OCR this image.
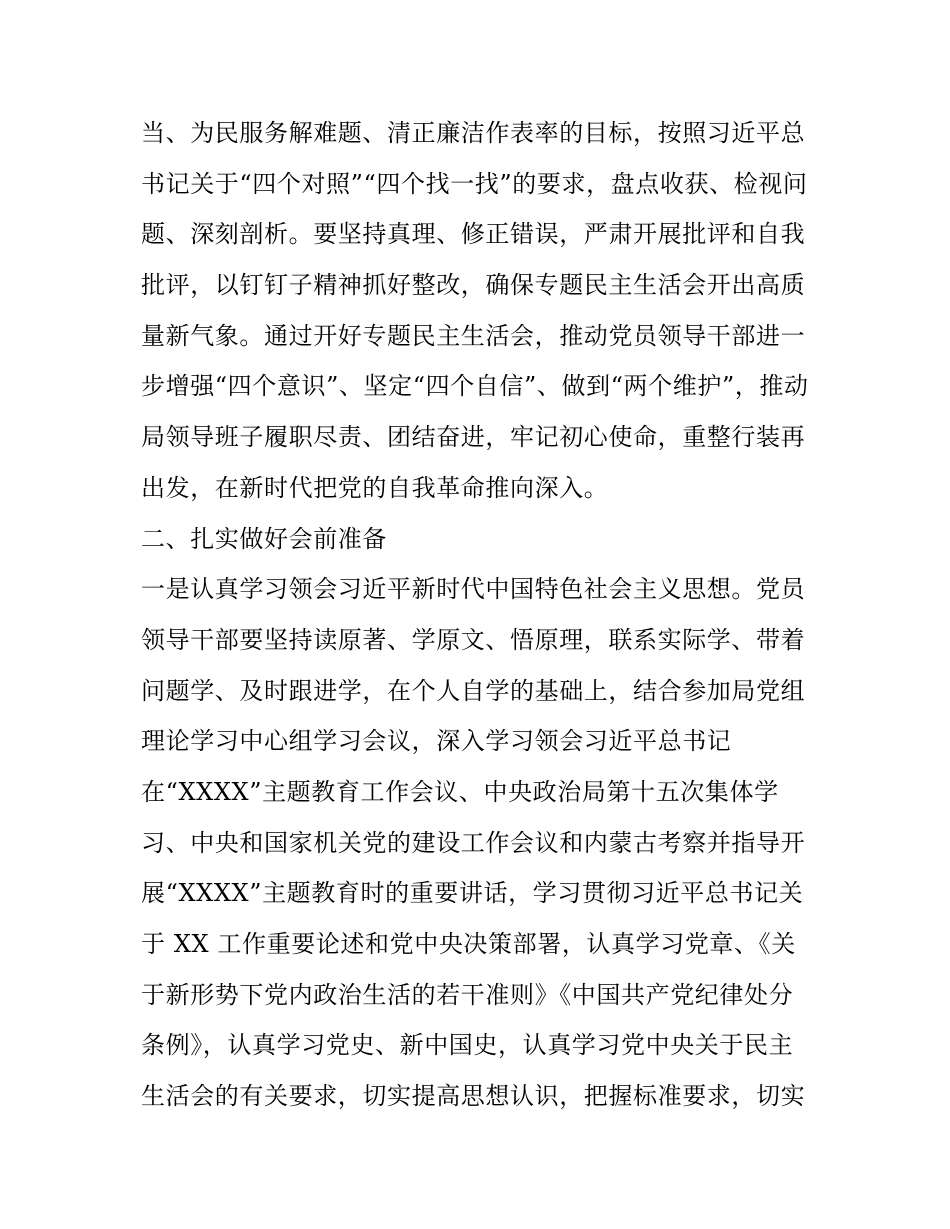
当、为民服务解难题、清正廉洁作表率的目标，按照习近平总
书记关于“四个对照”“四个找一找”的要求，盘点收获、检视问
题、深刻剖析。要坚持真理、修正错误，严肃开展批评和自我
批评，以钉钉子精神抓好整改，确保专题民主生活会开出高质
量新气象。通过开好专题民主生活会，推动党员领导干部进一
步增强“四个意识”、坚定“四个自信”、做到“两个维护”，推动
局领导班子履职尽责、团结奋进，牢记初心使命，重整行装再
出发，在新时代把党的自我革命推向深入。
二、扎实做好会前准备
一是认真学习领会习近平新时代中国特色社会主义思想。党员
领导干部要坚持读原著、学原文、悟原理，联系实际学、带着
问题学、及时跟进学，在个人自学的基础上，结合参加局党组
理论学习中心组学习会议，深入学习领会习近平总书记
在“XXXX”主题教育工作会议、中央政治局第十五次集体学
习、中央和国家机关党的建设工作会议和内蒙古考察并指导开
展“XXXX”主题教育时的重要讲话，学习贯彻习近平总书记关
于 XX 工作重要论述和党中央决策部署，认真学习党章、《关
于新形势下党内政治生活的若干准则》《中国共产党纪律处分
条例》，认真学习党史、新中国史，认真学习党中央关于民主
生活会的有关要求，切实提高思想认识，把握标准要求，切实
